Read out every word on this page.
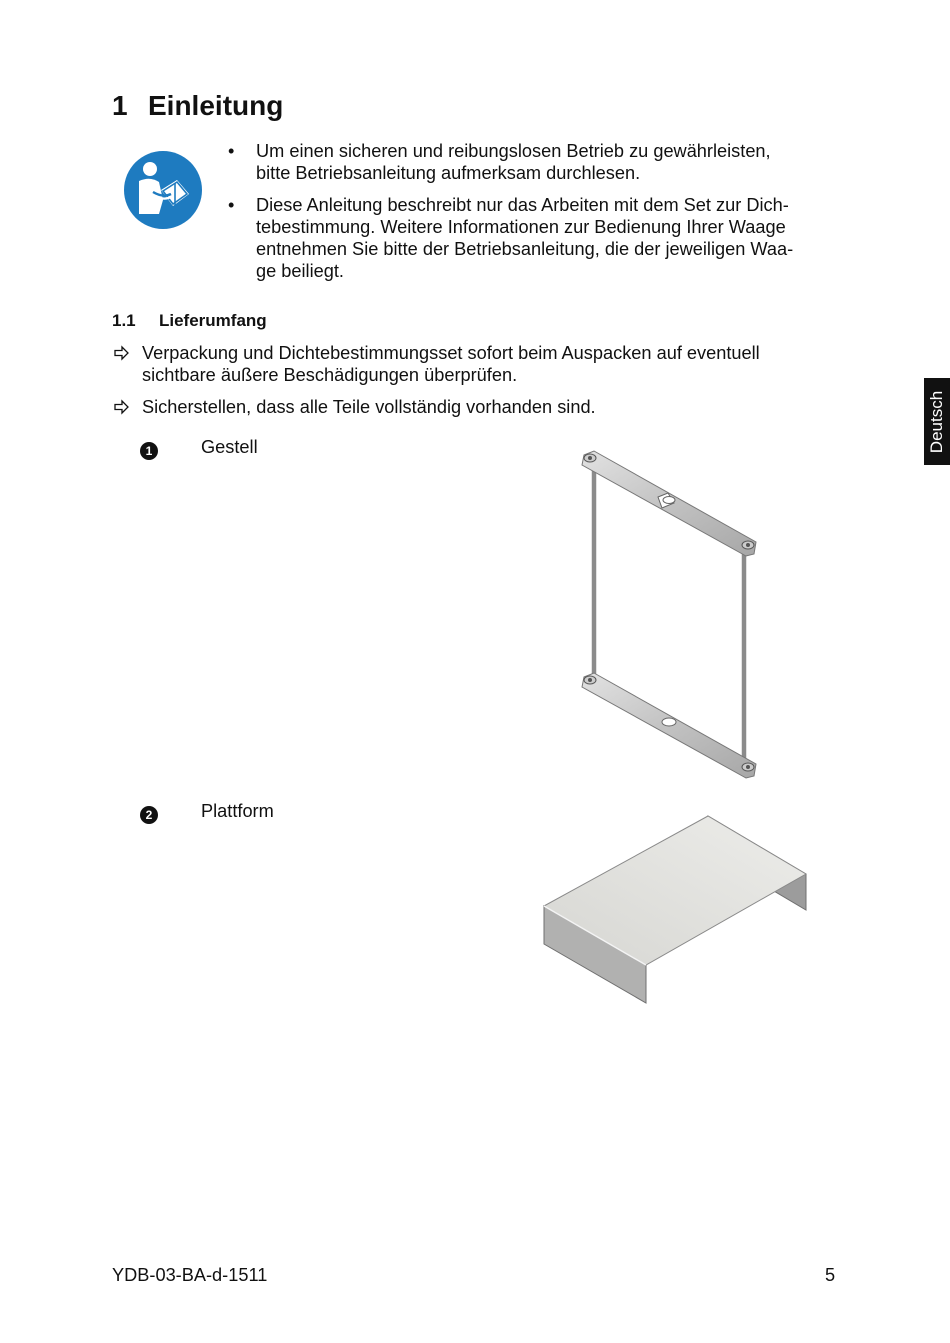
1 Einleitung
• Um einen sicheren und reibungslosen Betrieb zu gewährleisten,
bitte Betriebsanleitung aufmerksam durchlesen.
• Diese Anleitung beschreibt nur das Arbeiten mit dem Set zur Dich-
tebestimmung. Weitere Informationen zur Bedienung Ihrer Waage
entnehmen Sie bitte der Betriebsanleitung, die der jeweiligen Waa-
ge beiliegt.
1.1 Lieferumfang
Verpackung und Dichtebestimmungsset sofort beim Auspacken auf eventuell
sichtbare äußere Beschädigungen überprüfen.
Sicherstellen, dass alle Teile vollständig vorhanden sind.
1	Gestell
2	Plattform
Deutsch
YDB-03-BA-d-1511	5
